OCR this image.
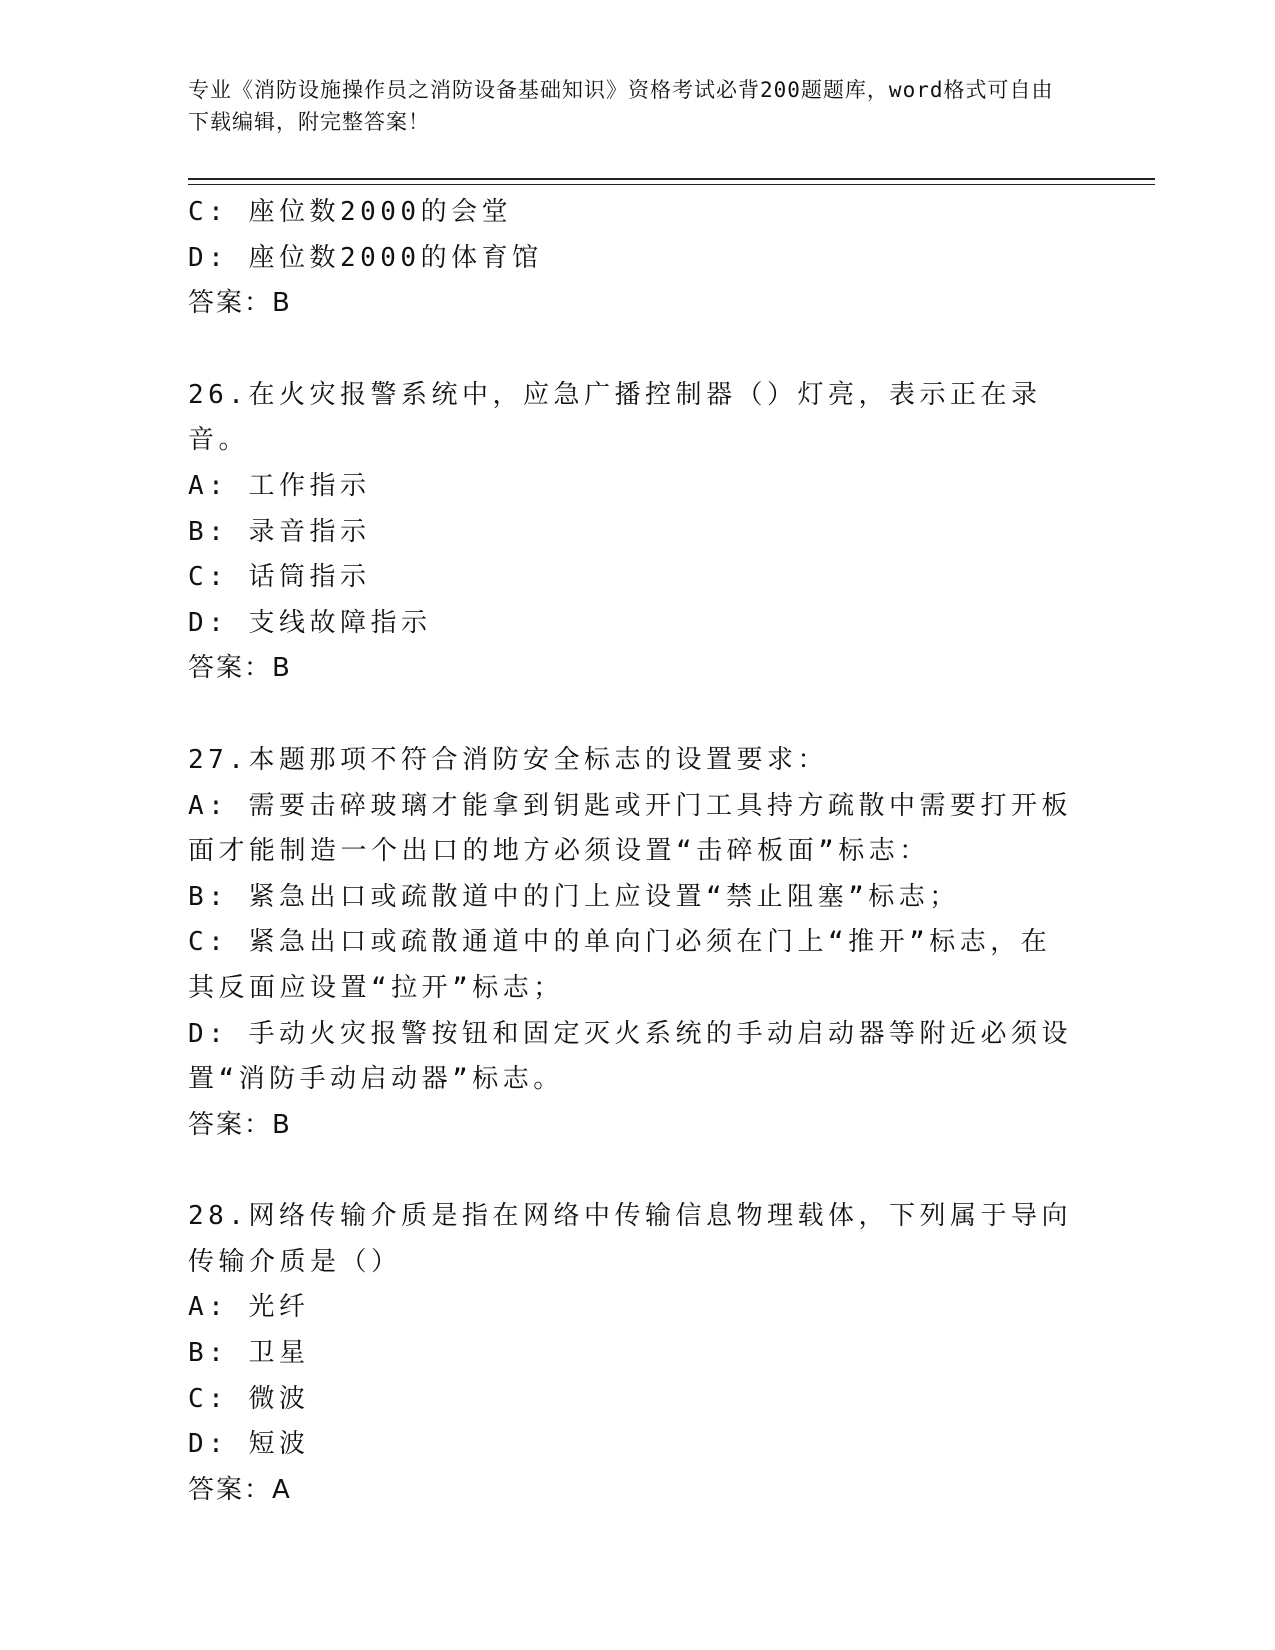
专业《消防设施操作员之消防设备基础知识》资格考试必背200题题库，word格式可自由下载编辑，附完整答案！

C: 座位数2000的会堂

D: 座位数2000的体育馆

答案：B

26.在火灾报警系统中，应急广播控制器（）灯亮，表示正在录音。

A: 工作指示

B: 录音指示

C: 话筒指示

D: 支线故障指示

答案：B

27.本题那项不符合消防安全标志的设置要求：

A: 需要击碎玻璃才能拿到钥匙或开门工具持方疏散中需要打开板面才能制造一个出口的地方必须设置“击碎板面”标志：

B: 紧急出口或疏散道中的门上应设置“禁止阻塞”标志；

C: 紧急出口或疏散通道中的单向门必须在门上“推开”标志，在其反面应设置“拉开”标志；

D: 手动火灾报警按钮和固定灭火系统的手动启动器等附近必须设置“消防手动启动器”标志。

答案：B

28.网络传输介质是指在网络中传输信息物理载体，下列属于导向传输介质是（）

A: 光纤

B: 卫星

C: 微波

D: 短波

答案：A
